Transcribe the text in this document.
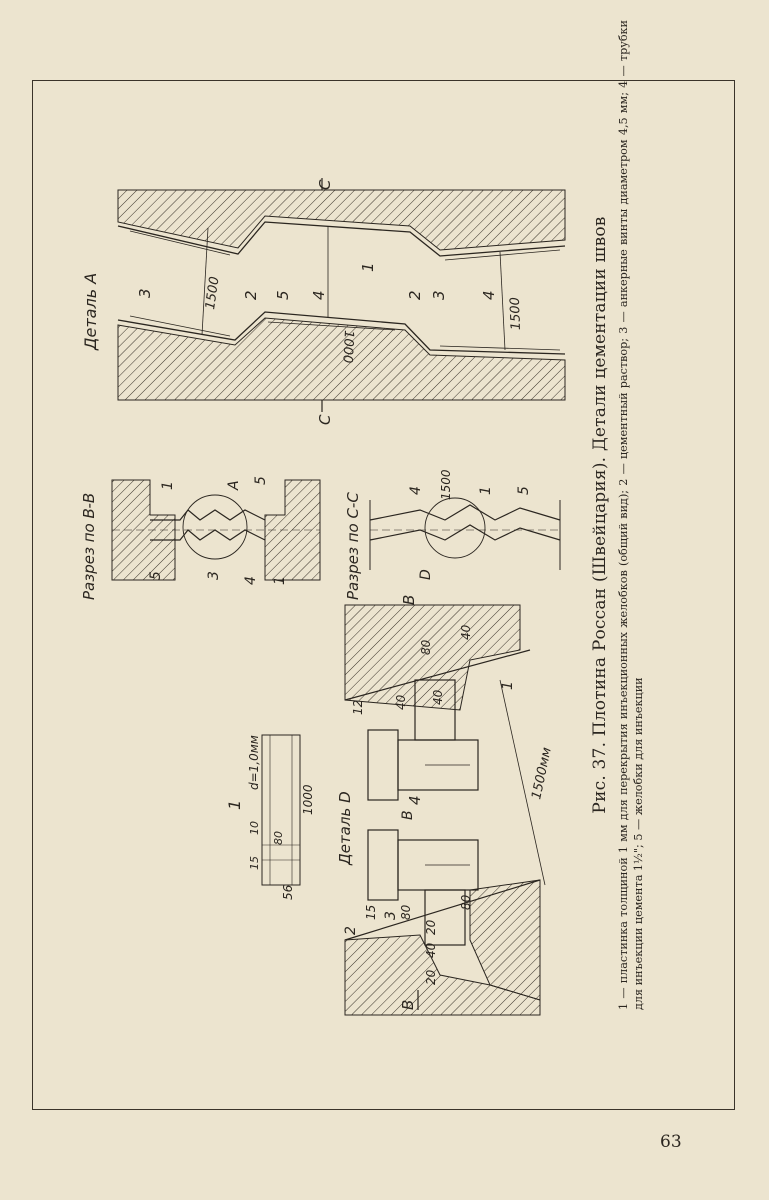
Деталь А
C
C
1500
1500
1000
3	5
2	4
1
2 3 4
Разрез по B-B
A
1
5
5	3
4 1	Разрез по C-C
4 1500 1 5
D
1
d=1,0мм
1000
56
15
10
80	Деталь D
B
B
B
1500мм
4
1
2
3
80
40
40
40
12
80
80
15
20
40
20
Рис. 37. Плотина Россан (Швейцария). Детали цементации швов 1 — пластинка толщиной 1 мм для перекрытия инъекционных желобков (общий вид); 2 — цементный раствор; 3 — анкерные винты диаметром 4,5 мм; 4 — трубки для инъекции цемента 1½"; 5 — желобки для инъекции
63
